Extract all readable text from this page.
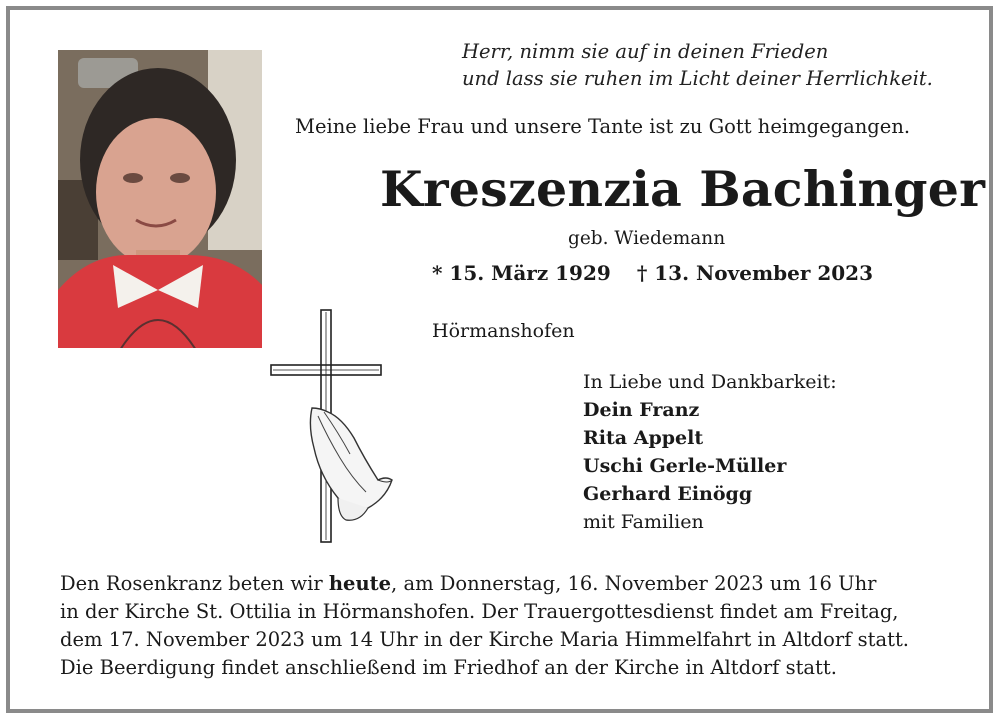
Herr, nimm sie auf in deinen Frieden
und lass sie ruhen im Licht deiner Herrlichkeit.
Meine liebe Frau und unsere Tante ist zu Gott heimgegangen.
Kreszenzia Bachinger
geb. Wiedemann
* 15. März 1929 † 13. November 2023
Hörmanshofen
In Liebe und Dankbarkeit:
Dein Franz
Rita Appelt
Uschi Gerle-Müller
Gerhard Einögg
mit Familien
Den Rosenkranz beten wir heute, am Donnerstag, 16. November 2023 um 16 Uhr
in der Kirche St. Ottilia in Hörmanshofen. Der Trauergottesdienst findet am Freitag,
dem 17. November 2023 um 14 Uhr in der Kirche Maria Himmelfahrt in Altdorf statt.
Die Beerdigung findet anschließend im Friedhof an der Kirche in Altdorf statt.
